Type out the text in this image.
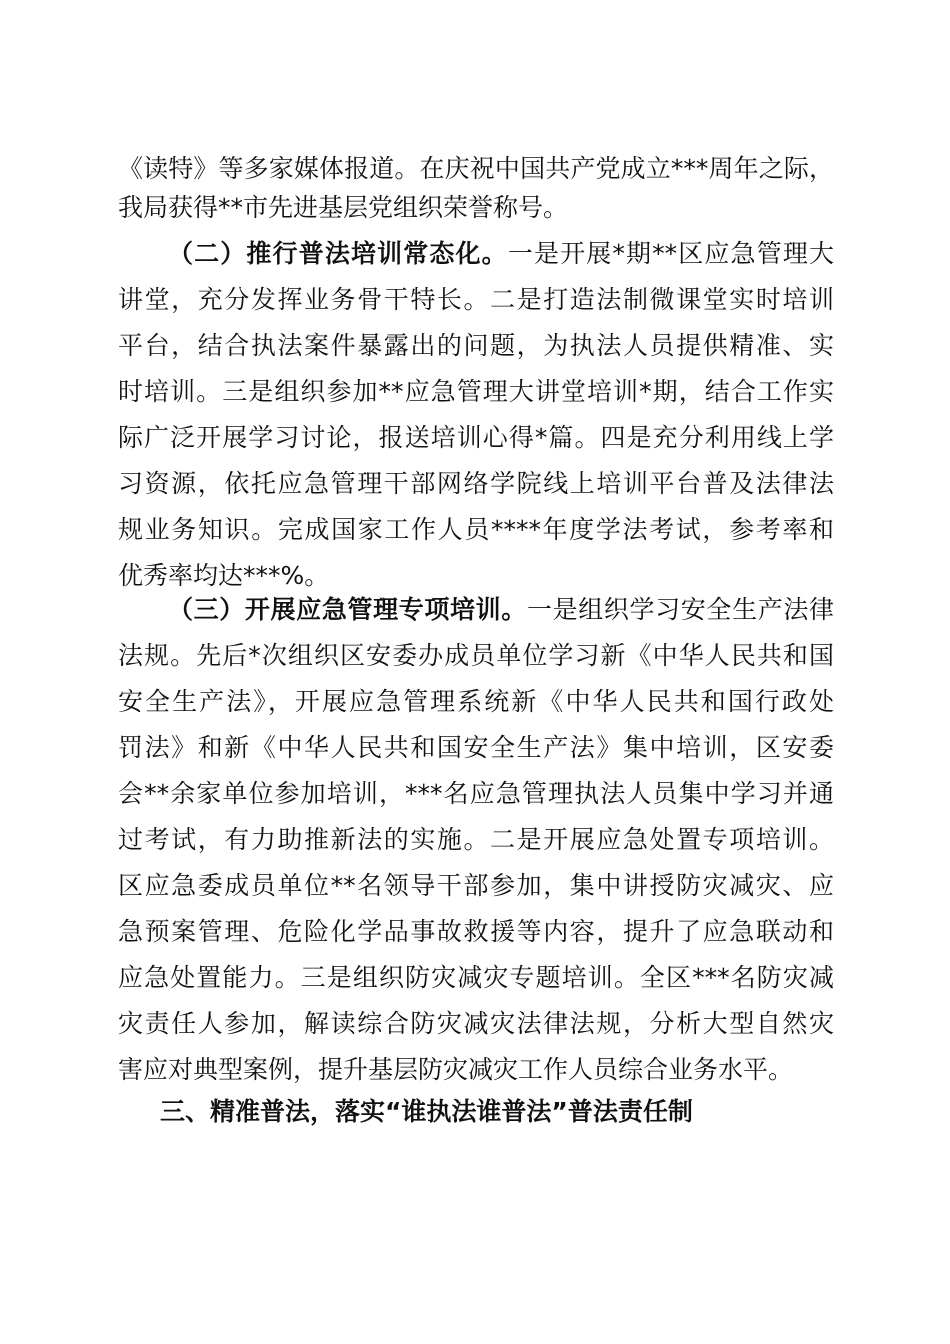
《读特》等多家媒体报道。在庆祝中国共产党成立***周年之际，
我局获得**市先进基层党组织荣誉称号。
（二）推行普法培训常态化。一是开展*期**区应急管理大
讲堂，充分发挥业务骨干特长。二是打造法制微课堂实时培训
平台，结合执法案件暴露出的问题，为执法人员提供精准、实
时培训。三是组织参加**应急管理大讲堂培训*期，结合工作实
际广泛开展学习讨论，报送培训心得*篇。四是充分利用线上学
习资源，依托应急管理干部网络学院线上培训平台普及法律法
规业务知识。完成国家工作人员****年度学法考试，参考率和
优秀率均达***%。
（三）开展应急管理专项培训。一是组织学习安全生产法律
法规。先后*次组织区安委办成员单位学习新《中华人民共和国
安全生产法》，开展应急管理系统新《中华人民共和国行政处
罚法》和新《中华人民共和国安全生产法》集中培训，区安委
会**余家单位参加培训，***名应急管理执法人员集中学习并通
过考试，有力助推新法的实施。二是开展应急处置专项培训。
区应急委成员单位**名领导干部参加，集中讲授防灾减灾、应
急预案管理、危险化学品事故救援等内容，提升了应急联动和
应急处置能力。三是组织防灾减灾专题培训。全区***名防灾减
灾责任人参加，解读综合防灾减灾法律法规，分析大型自然灾
害应对典型案例，提升基层防灾减灾工作人员综合业务水平。
三、精准普法，落实“谁执法谁普法”普法责任制
